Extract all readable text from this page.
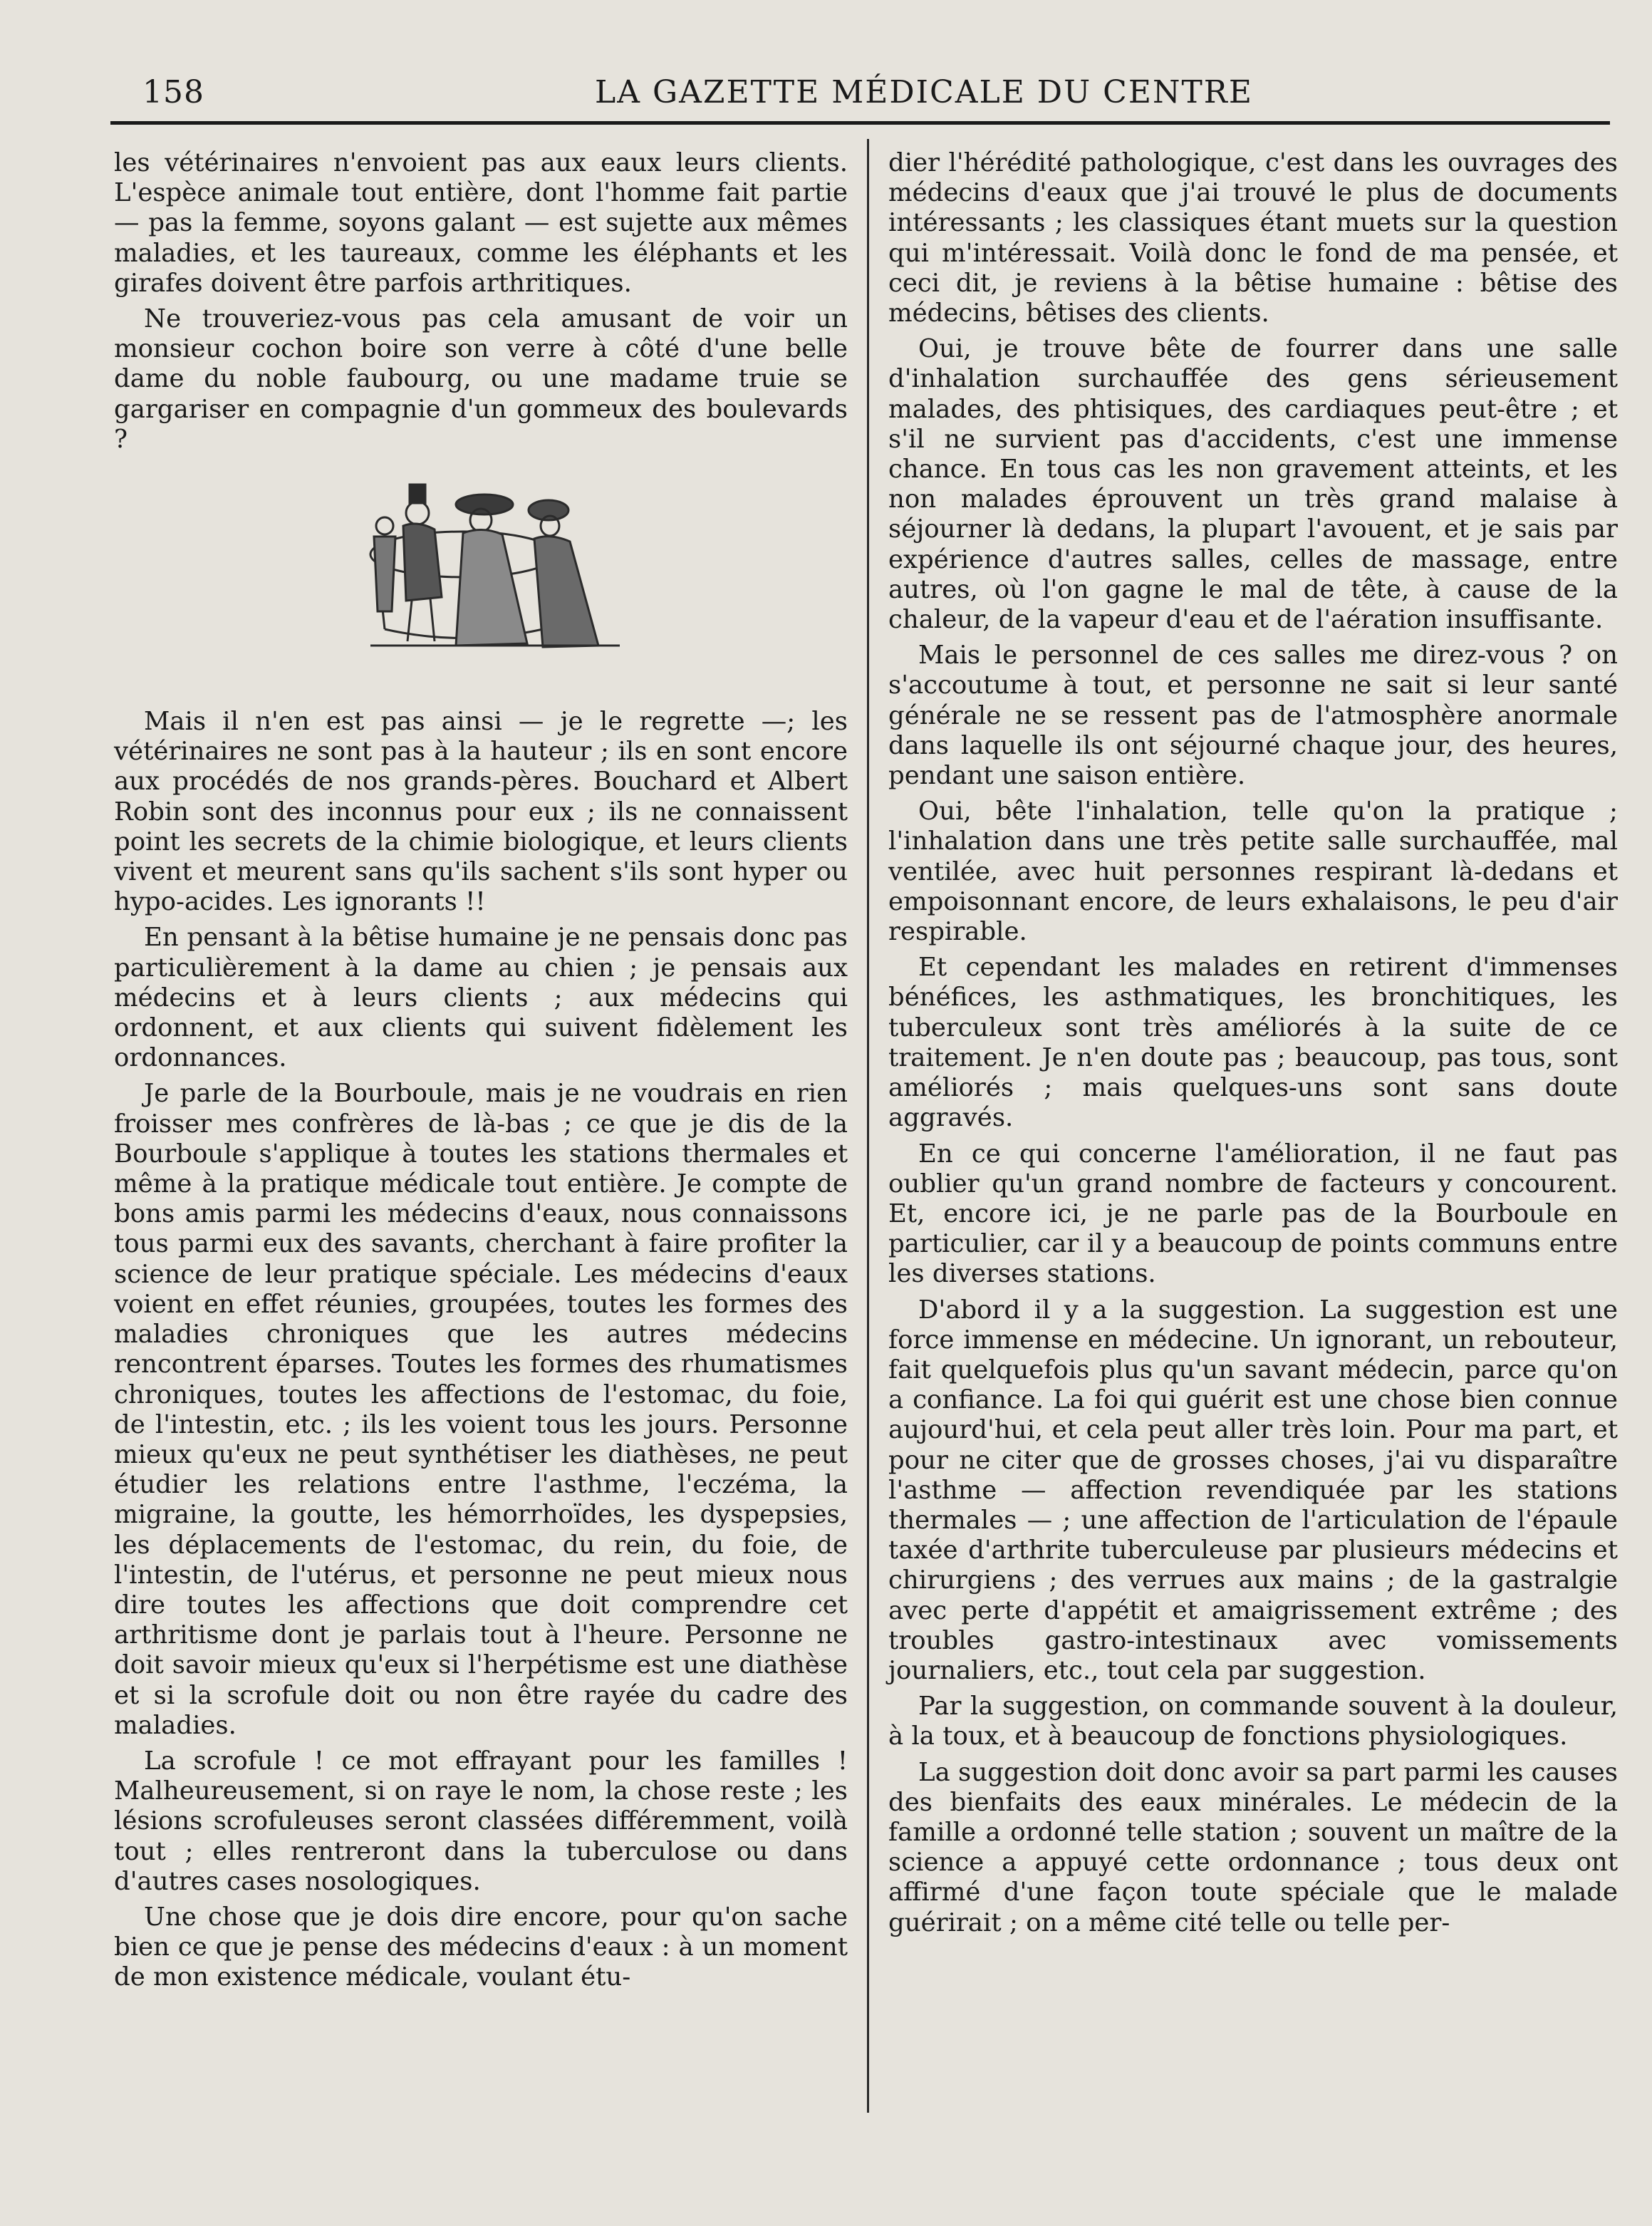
158	LA GAZETTE MÉDICALE DU CENTRE

les vétérinaires n'envoient pas aux eaux leurs clients. L'espèce animale tout entière, dont l'homme fait partie — pas la femme, soyons galant — est sujette aux mêmes maladies, et les taureaux, comme les éléphants et les girafes doivent être parfois arthritiques.

Ne trouveriez-vous pas cela amusant de voir un monsieur cochon boire son verre à côté d'une belle dame du noble faubourg, ou une madame truie se gargariser en compagnie d'un gommeux des boulevards ?

Mais il n'en est pas ainsi — je le regrette —; les vétérinaires ne sont pas à la hauteur ; ils en sont encore aux procédés de nos grands-pères. Bouchard et Albert Robin sont des inconnus pour eux ; ils ne connaissent point les secrets de la chimie biologique, et leurs clients vivent et meurent sans qu'ils sachent s'ils sont hyper ou hypo-acides. Les ignorants !!

En pensant à la bêtise humaine je ne pensais donc pas particulièrement à la dame au chien ; je pensais aux médecins et à leurs clients ; aux médecins qui ordonnent, et aux clients qui suivent fidèlement les ordonnances.

Je parle de la Bourboule, mais je ne voudrais en rien froisser mes confrères de là-bas ; ce que je dis de la Bourboule s'applique à toutes les stations thermales et même à la pratique médicale tout entière. Je compte de bons amis parmi les médecins d'eaux, nous connaissons tous parmi eux des savants, cherchant à faire profiter la science de leur pratique spéciale. Les médecins d'eaux voient en effet réunies, groupées, toutes les formes des maladies chroniques que les autres médecins rencontrent éparses. Toutes les formes des rhumatismes chroniques, toutes les affections de l'estomac, du foie, de l'intestin, etc. ; ils les voient tous les jours. Personne mieux qu'eux ne peut synthétiser les diathèses, ne peut étudier les relations entre l'asthme, l'eczéma, la migraine, la goutte, les hémorrhoïdes, les dyspepsies, les déplacements de l'estomac, du rein, du foie, de l'intestin, de l'utérus, et personne ne peut mieux nous dire toutes les affections que doit comprendre cet arthritisme dont je parlais tout à l'heure. Personne ne doit savoir mieux qu'eux si l'herpétisme est une diathèse et si la scrofule doit ou non être rayée du cadre des maladies.

La scrofule ! ce mot effrayant pour les familles ! Malheureusement, si on raye le nom, la chose reste ; les lésions scrofuleuses seront classées différemment, voilà tout ; elles rentreront dans la tuberculose ou dans d'autres cases nosologiques.

Une chose que je dois dire encore, pour qu'on sache bien ce que je pense des médecins d'eaux : à un moment de mon existence médicale, voulant étu-

dier l'hérédité pathologique, c'est dans les ouvrages des médecins d'eaux que j'ai trouvé le plus de documents intéressants ; les classiques étant muets sur la question qui m'intéressait. Voilà donc le fond de ma pensée, et ceci dit, je reviens à la bêtise humaine : bêtise des médecins, bêtises des clients.

Oui, je trouve bête de fourrer dans une salle d'inhalation surchauffée des gens sérieusement malades, des phtisiques, des cardiaques peut-être ; et s'il ne survient pas d'accidents, c'est une immense chance. En tous cas les non gravement atteints, et les non malades éprouvent un très grand malaise à séjourner là dedans, la plupart l'avouent, et je sais par expérience d'autres salles, celles de massage, entre autres, où l'on gagne le mal de tête, à cause de la chaleur, de la vapeur d'eau et de l'aération insuffisante.

Mais le personnel de ces salles me direz-vous ? on s'accoutume à tout, et personne ne sait si leur santé générale ne se ressent pas de l'atmosphère anormale dans laquelle ils ont séjourné chaque jour, des heures, pendant une saison entière.

Oui, bête l'inhalation, telle qu'on la pratique ; l'inhalation dans une très petite salle surchauffée, mal ventilée, avec huit personnes respirant là-dedans et empoisonnant encore, de leurs exhalaisons, le peu d'air respirable.

Et cependant les malades en retirent d'immenses bénéfices, les asthmatiques, les bronchitiques, les tuberculeux sont très améliorés à la suite de ce traitement. Je n'en doute pas ; beaucoup, pas tous, sont améliorés ; mais quelques-uns sont sans doute aggravés.

En ce qui concerne l'amélioration, il ne faut pas oublier qu'un grand nombre de facteurs y concourent. Et, encore ici, je ne parle pas de la Bourboule en particulier, car il y a beaucoup de points communs entre les diverses stations.

D'abord il y a la suggestion. La suggestion est une force immense en médecine. Un ignorant, un rebouteur, fait quelquefois plus qu'un savant médecin, parce qu'on a confiance. La foi qui guérit est une chose bien connue aujourd'hui, et cela peut aller très loin. Pour ma part, et pour ne citer que de grosses choses, j'ai vu disparaître l'asthme — affection revendiquée par les stations thermales — ; une affection de l'articulation de l'épaule taxée d'arthrite tuberculeuse par plusieurs médecins et chirurgiens ; des verrues aux mains ; de la gastralgie avec perte d'appétit et amaigrissement extrême ; des troubles gastro-intestinaux avec vomissements journaliers, etc., tout cela par suggestion.

Par la suggestion, on commande souvent à la douleur, à la toux, et à beaucoup de fonctions physiologiques.

La suggestion doit donc avoir sa part parmi les causes des bienfaits des eaux minérales. Le médecin de la famille a ordonné telle station ; souvent un maître de la science a appuyé cette ordonnance ; tous deux ont affirmé d'une façon toute spéciale que le malade guérirait ; on a même cité telle ou telle per-
